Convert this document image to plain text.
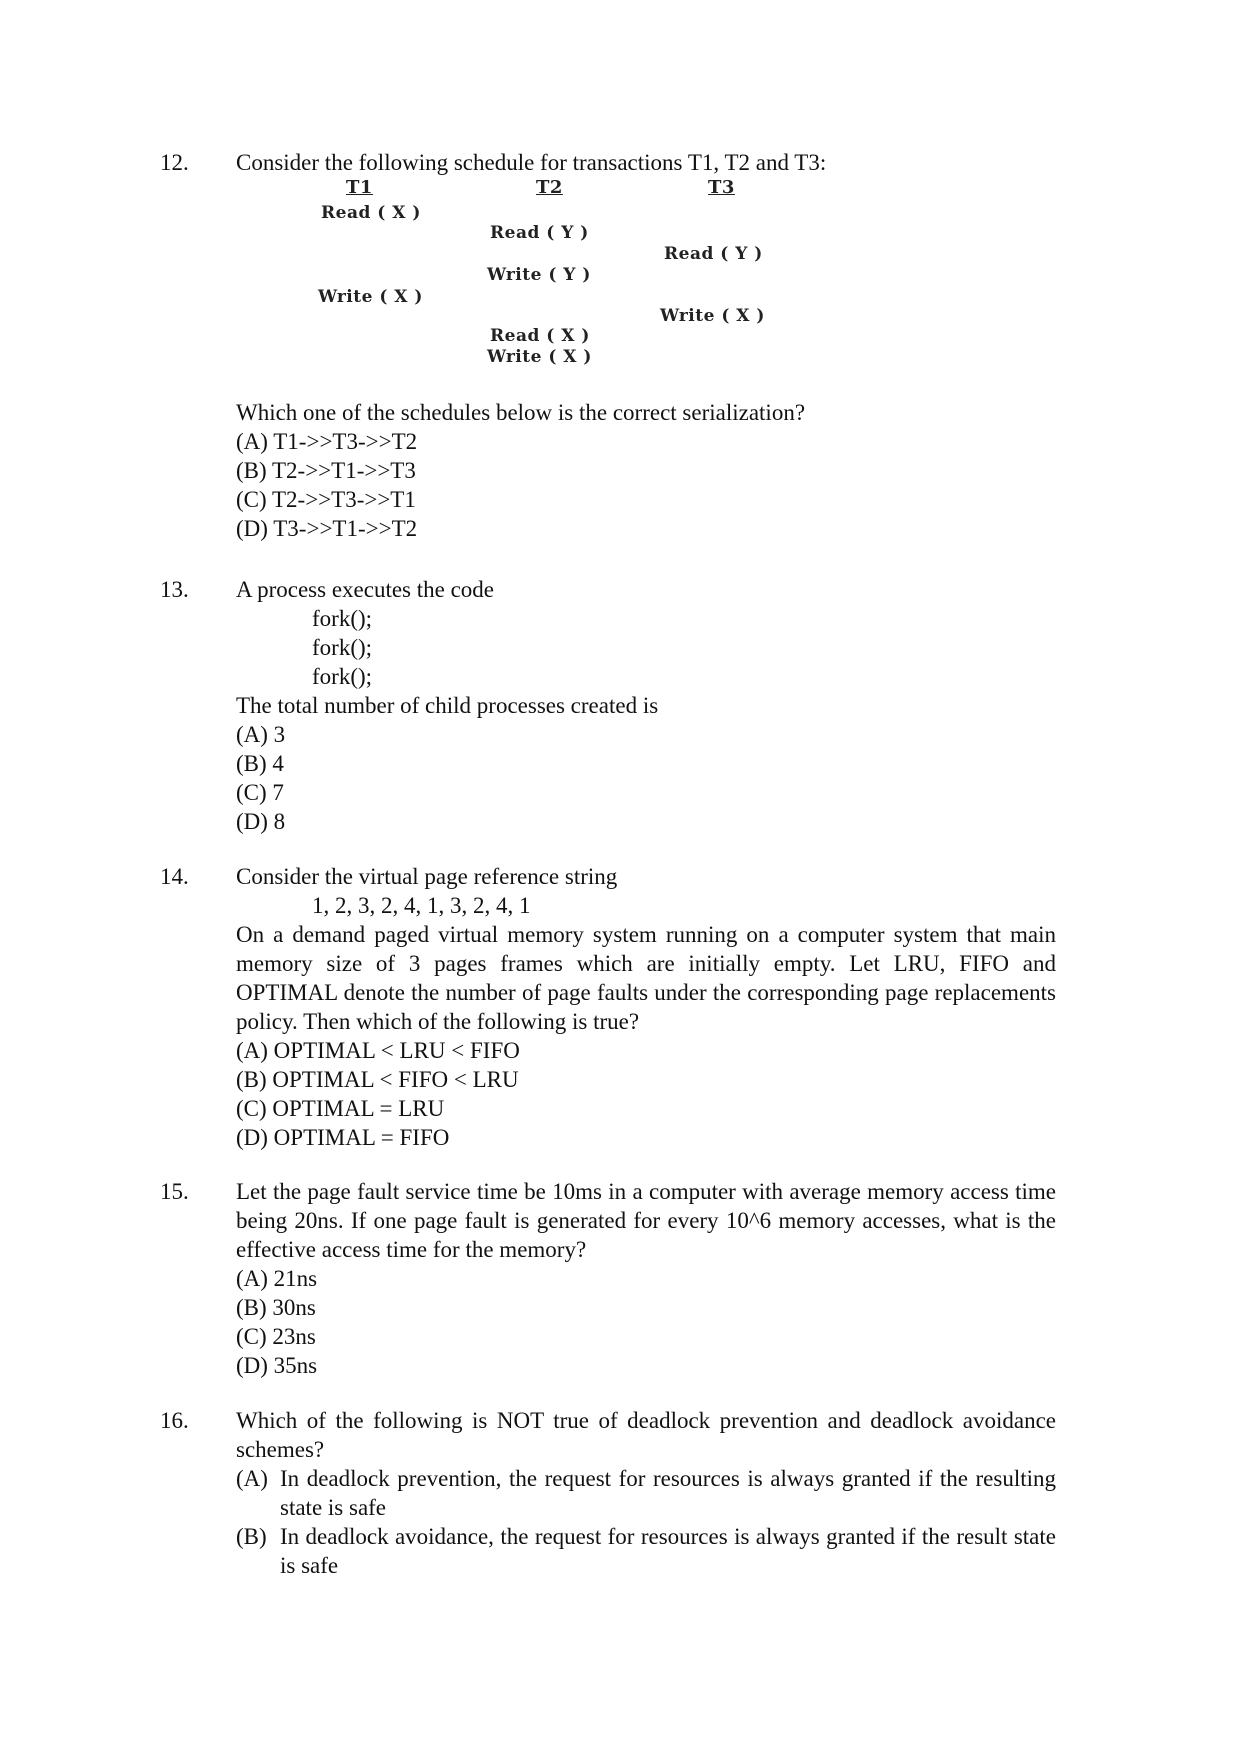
12. Consider the following schedule for transactions T1, T2 and T3:
T1	T2	T3
Read ( X )
Read ( Y )
Read ( Y )
Write ( Y )
Write ( X )
Write ( X )
Read ( X )
Write ( X )
Which one of the schedules below is the correct serialization?
(A) T1->>T3->>T2
(B) T2->>T1->>T3
(C) T2->>T3->>T1
(D) T3->>T1->>T2
13. A process executes the code
fork();
fork();
fork();
The total number of child processes created is
(A) 3
(B) 4
(C) 7
(D) 8
14. Consider the virtual page reference string
1, 2, 3, 2, 4, 1, 3, 2, 4, 1
On a demand paged virtual memory system running on a computer system that main memory size of 3 pages frames which are initially empty. Let LRU, FIFO and OPTIMAL denote the number of page faults under the corresponding page replacements policy. Then which of the following is true?
(A) OPTIMAL < LRU < FIFO
(B) OPTIMAL < FIFO < LRU
(C) OPTIMAL = LRU
(D) OPTIMAL = FIFO
15. Let the page fault service time be 10ms in a computer with average memory access time being 20ns. If one page fault is generated for every 10^6 memory accesses, what is the effective access time for the memory?
(A) 21ns
(B) 30ns
(C) 23ns
(D) 35ns
16. Which of the following is NOT true of deadlock prevention and deadlock avoidance schemes?
(A) In deadlock prevention, the request for resources is always granted if the resulting state is safe
(B) In deadlock avoidance, the request for resources is always granted if the result state is safe
